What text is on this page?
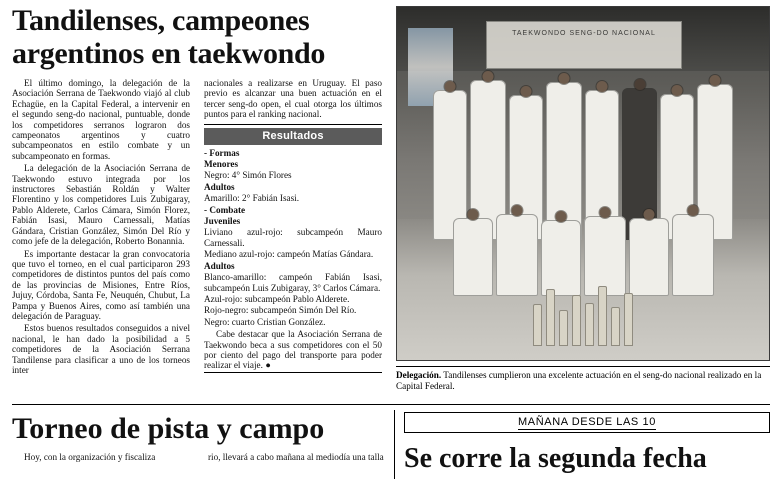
Tandilenses, campeones argentinos en taekwondo

El último domingo, la delegación de la Asociación Serrana de Taekwondo viajó al club Echagüe, en la Capital Federal, a intervenir en el segundo seng-do nacional, puntuable, donde los competidores serranos lograron dos campeonatos argentinos y cuatro subcampeonatos en estilo combate y un subcampeonato en formas.

La delegación de la Asociación Serrana de Taekwondo estuvo integrada por los instructores Sebastián Roldán y Walter Florentino y los competidores Luis Zubigaray, Pablo Alderete, Carlos Cámara, Simón Florez, Fabián Isasi, Mauro Carnessali, Matías Gándara, Cristian González, Simón Del Río y como jefe de la delegación, Roberto Bonannia.

Es importante destacar la gran convocatoria que tuvo el torneo, en el cual participaron 293 competidores de distintos puntos del país como de las provincias de Misiones, Entre Ríos, Jujuy, Córdoba, Santa Fe, Neuquén, Chubut, La Pampa y Buenos Aires, como así también una delegación de Paraguay.

Estos buenos resultados conseguidos a nivel nacional, le han dado la posibilidad a 5 competidores de la Asociación Serrana Tandilense para clasificar a uno de los torneos inter

nacionales a realizarse en Uruguay. El paso previo es alcanzar una buen actuación en el tercer seng-do open, el cual otorga los últimos puntos para el ranking nacional.

Resultados

- Formas

Menores

Negro: 4° Simón Flores

Adultos

Amarillo: 2° Fabián Isasi.

- Combate

Juveniles

Liviano azul-rojo: subcampeón Mauro Carnessali.

Mediano azul-rojo: campeón Matías Gándara.

Adultos

Blanco-amarillo: campeón Fabián Isasi, subcampeón Luis Zubigaray, 3° Carlos Cámara.

Azul-rojo: subcampeón Pablo Alderete.

Rojo-negro: subcampeón Simón Del Río.

Negro: cuarto Cristian González.

Cabe destacar que la Asociación Serrana de Taekwondo beca a sus competidores con el 50 por ciento del pago del transporte para poder realizar el viaje. ●

TAEKWONDO SENG-DO NACIONAL
Delegación. Tandilenses cumplieron una excelente actuación en el seng-do nacional realizado en la Capital Federal.
Torneo de pista y campo

Hoy, con la organización y fiscaliza	rio, llevará a cabo mañana al mediodía una talla

MAÑANA DESDE LAS 10
Se corre la segunda fecha
